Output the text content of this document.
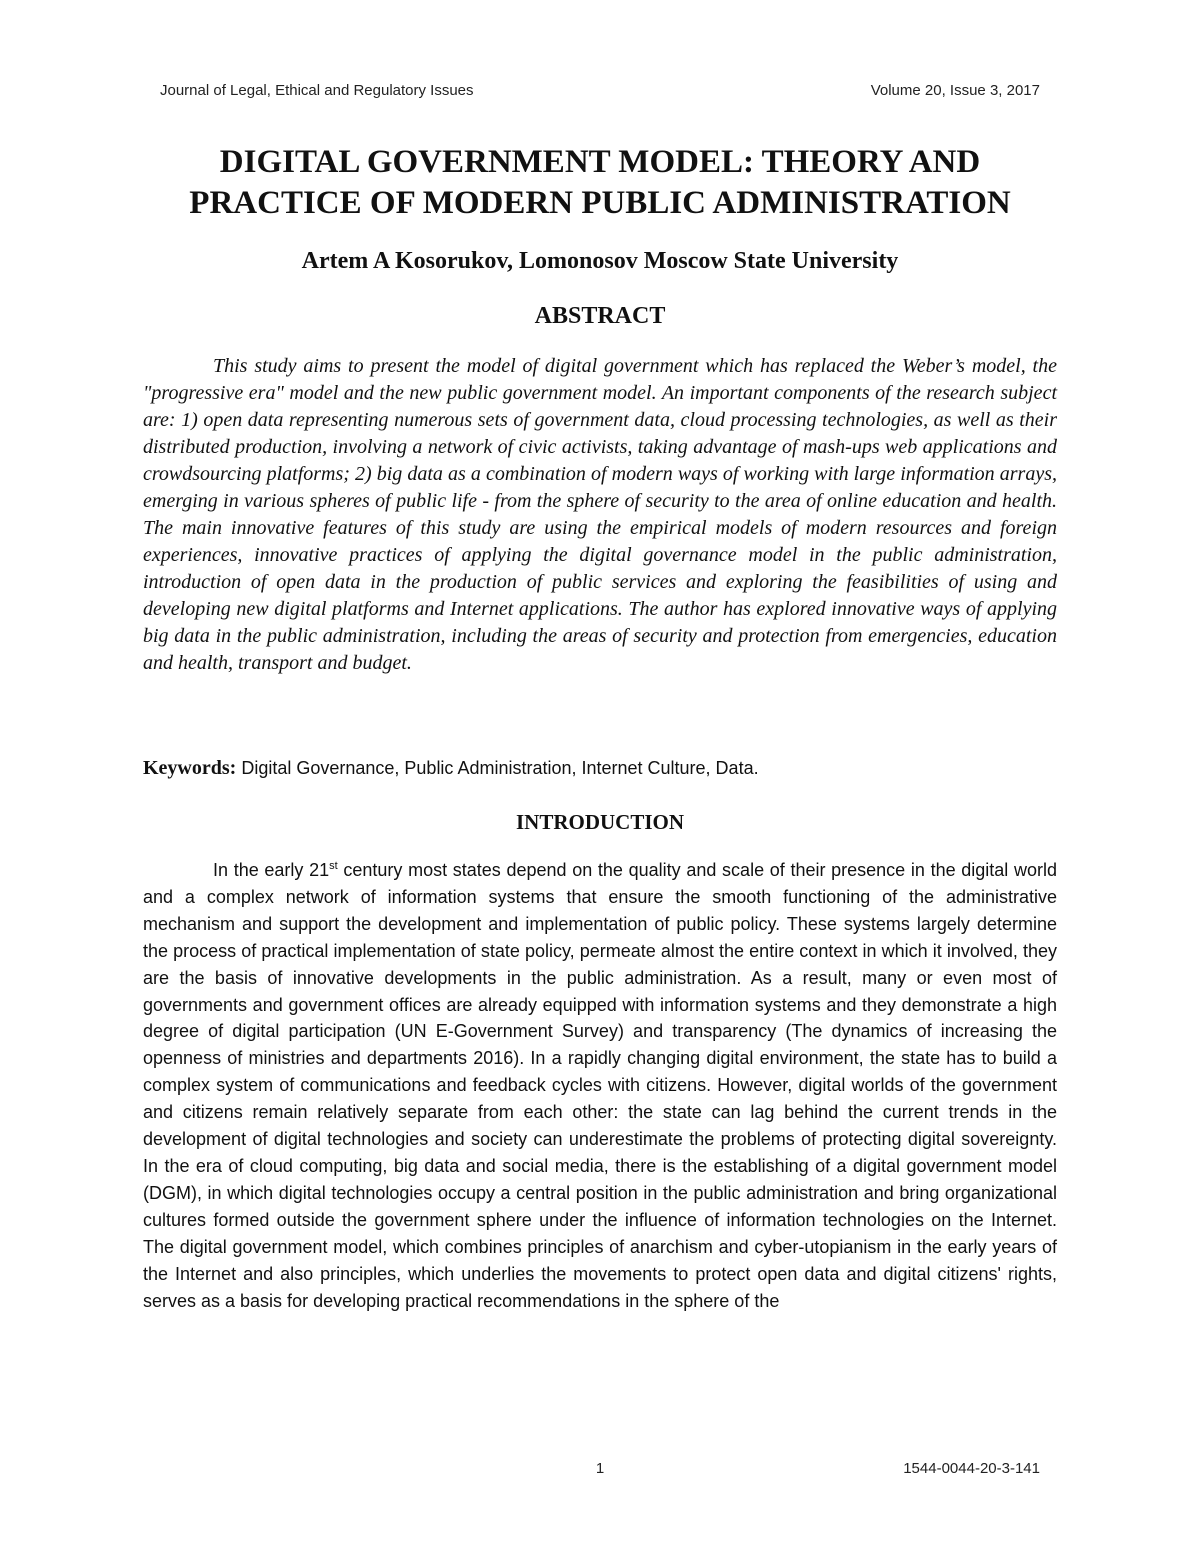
Journal of Legal, Ethical and Regulatory Issues	Volume 20, Issue 3, 2017
DIGITAL GOVERNMENT MODEL: THEORY AND
PRACTICE OF MODERN PUBLIC ADMINISTRATION

Artem A Kosorukov, Lomonosov Moscow State University

ABSTRACT

This study aims to present the model of digital government which has replaced the Weber’s model, the "progressive era" model and the new public government model. An important components of the research subject are: 1) open data representing numerous sets of government data, cloud processing technologies, as well as their distributed production, involving a network of civic activists, taking advantage of mash-ups web applications and crowdsourcing platforms; 2) big data as a combination of modern ways of working with large information arrays, emerging in various spheres of public life - from the sphere of security to the area of online education and health. The main innovative features of this study are using the empirical models of modern resources and foreign experiences, innovative practices of applying the digital governance model in the public administration, introduction of open data in the production of public services and exploring the feasibilities of using and developing new digital platforms and Internet applications. The author has explored innovative ways of applying big data in the public administration, including the areas of security and protection from emergencies, education and health, transport and budget.

Keywords: Digital Governance, Public Administration, Internet Culture, Data.

INTRODUCTION

In the early 21st century most states depend on the quality and scale of their presence in the digital world and a complex network of information systems that ensure the smooth functioning of the administrative mechanism and support the development and implementation of public policy. These systems largely determine the process of practical implementation of state policy, permeate almost the entire context in which it involved, they are the basis of innovative developments in the public administration. As a result, many or even most of governments and government offices are already equipped with information systems and they demonstrate a high degree of digital participation (UN E-Government Survey) and transparency (The dynamics of increasing the openness of ministries and departments 2016). In a rapidly changing digital environment, the state has to build a complex system of communications and feedback cycles with citizens. However, digital worlds of the government and citizens remain relatively separate from each other: the state can lag behind the current trends in the development of digital technologies and society can underestimate the problems of protecting digital sovereignty. In the era of cloud computing, big data and social media, there is the establishing of a digital government model (DGM), in which digital technologies occupy a central position in the public administration and bring organizational cultures formed outside the government sphere under the influence of information technologies on the Internet. The digital government model, which combines principles of anarchism and cyber-utopianism in the early years of the Internet and also principles, which underlies the movements to protect open data and digital citizens' rights, serves as a basis for developing practical recommendations in the sphere of the

1	1544-0044-20-3-141
